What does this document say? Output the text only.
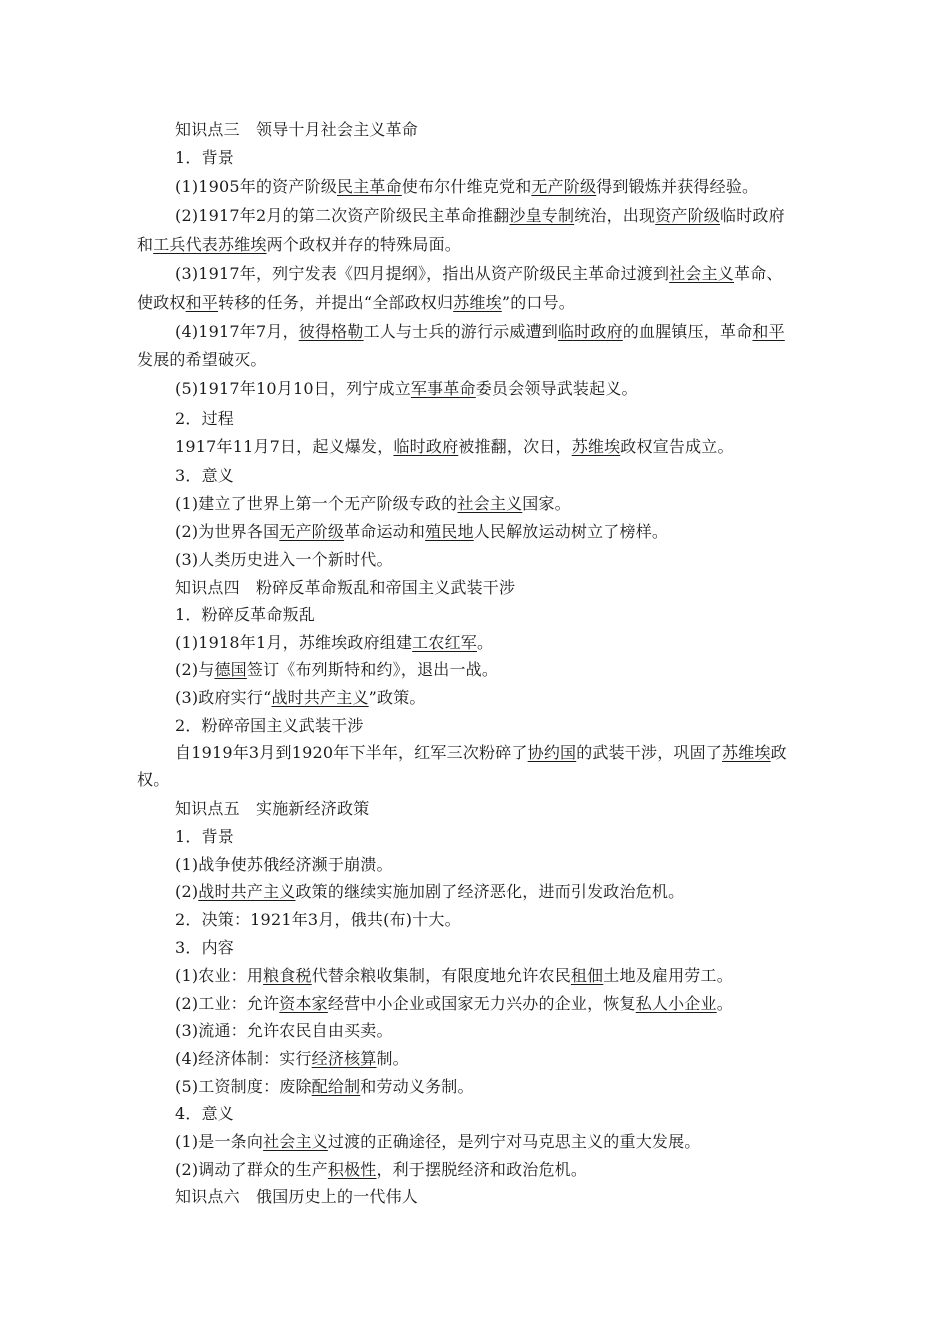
知识点三　领导十月社会主义革命
1．背景
(1)1905年的资产阶级民主革命使布尔什维克党和无产阶级得到锻炼并获得经验。
(2)1917年2月的第二次资产阶级民主革命推翻沙皇专制统治，出现资产阶级临时政府
和工兵代表苏维埃两个政权并存的特殊局面。
(3)1917年，列宁发表《四月提纲》，指出从资产阶级民主革命过渡到社会主义革命、
使政权和平转移的任务，并提出“全部政权归苏维埃”的口号。
(4)1917年7月，彼得格勒工人与士兵的游行示威遭到临时政府的血腥镇压，革命和平
发展的希望破灭。
(5)1917年10月10日，列宁成立军事革命委员会领导武装起义。
2．过程
1917年11月7日，起义爆发，临时政府被推翻，次日，苏维埃政权宣告成立。
3．意义
(1)建立了世界上第一个无产阶级专政的社会主义国家。
(2)为世界各国无产阶级革命运动和殖民地人民解放运动树立了榜样。
(3)人类历史进入一个新时代。
知识点四　粉碎反革命叛乱和帝国主义武装干涉
1．粉碎反革命叛乱
(1)1918年1月，苏维埃政府组建工农红军。
(2)与德国签订《布列斯特和约》，退出一战。
(3)政府实行“战时共产主义”政策。
2．粉碎帝国主义武装干涉
自1919年3月到1920年下半年，红军三次粉碎了协约国的武装干涉，巩固了苏维埃政
权。
知识点五　实施新经济政策
1．背景
(1)战争使苏俄经济濒于崩溃。
(2)战时共产主义政策的继续实施加剧了经济恶化，进而引发政治危机。
2．决策：1921年3月，俄共(布)十大。
3．内容
(1)农业：用粮食税代替余粮收集制，有限度地允许农民租佃土地及雇用劳工。
(2)工业：允许资本家经营中小企业或国家无力兴办的企业，恢复私人小企业。
(3)流通：允许农民自由买卖。
(4)经济体制：实行经济核算制。
(5)工资制度：废除配给制和劳动义务制。
4．意义
(1)是一条向社会主义过渡的正确途径，是列宁对马克思主义的重大发展。
(2)调动了群众的生产积极性，利于摆脱经济和政治危机。
知识点六　俄国历史上的一代伟人
